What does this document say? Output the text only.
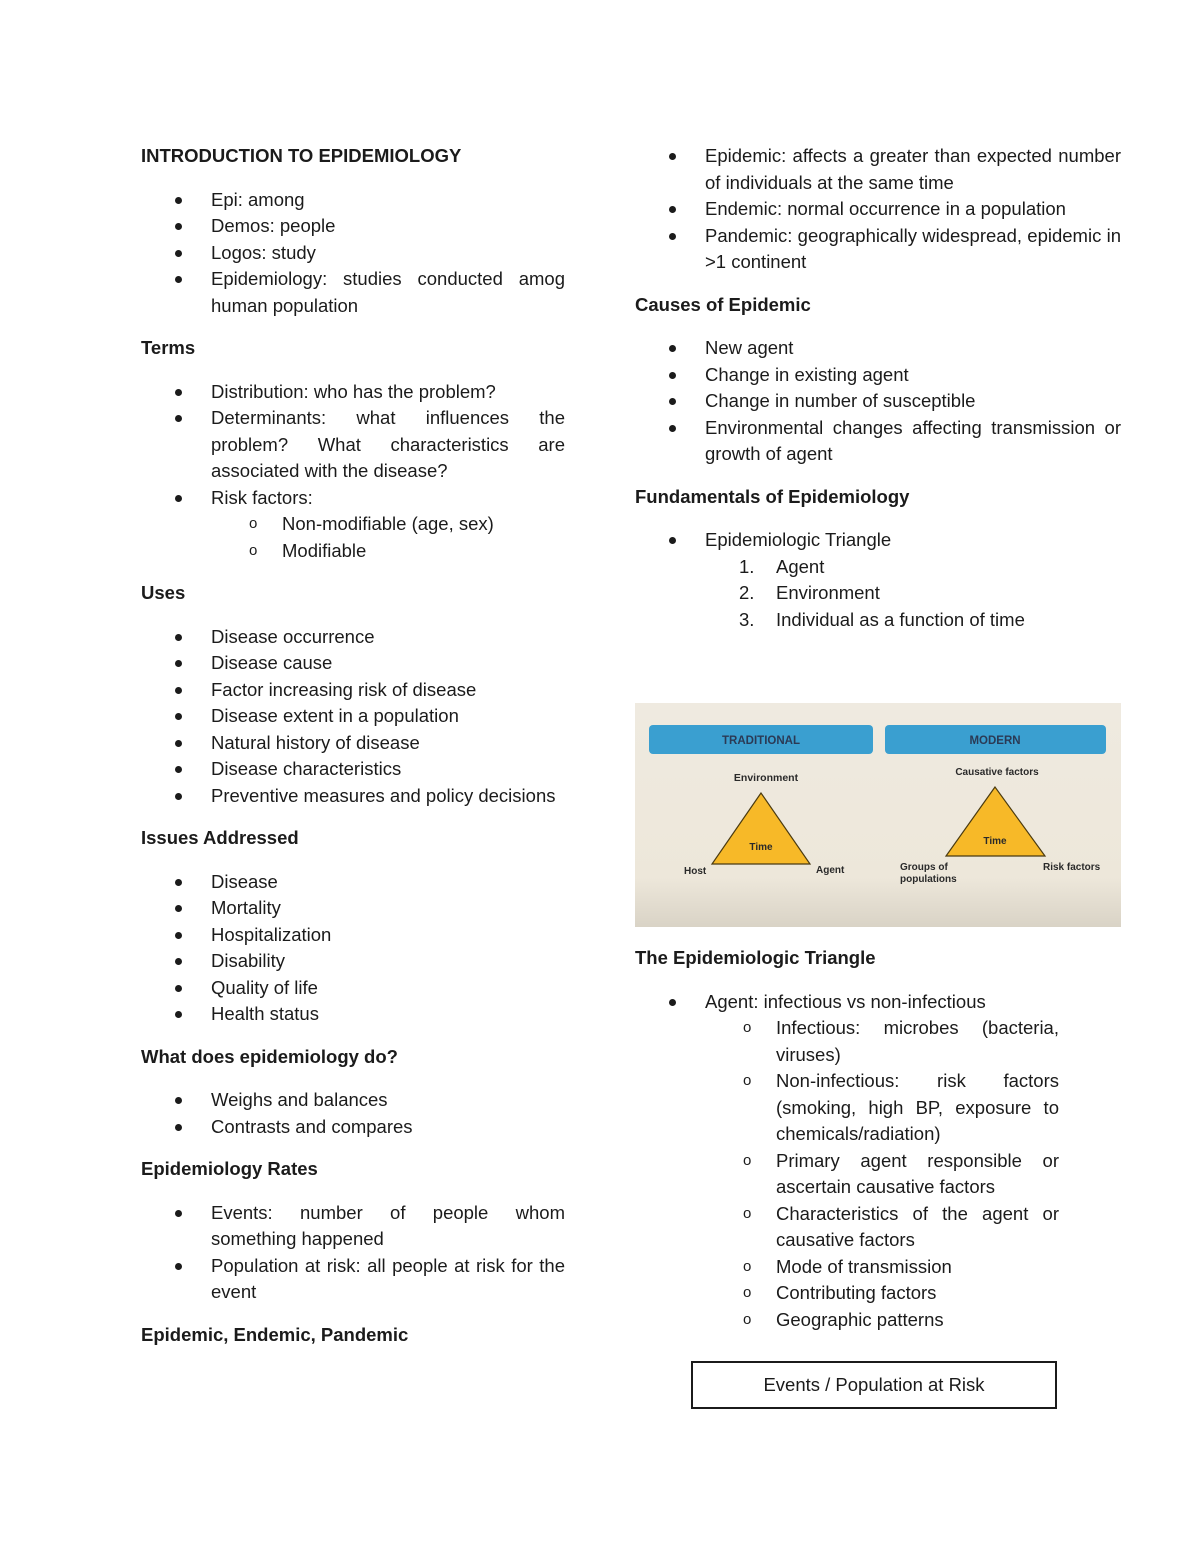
INTRODUCTION TO EPIDEMIOLOGY
Epi: among
Demos: people
Logos: study
Epidemiology: studies conducted amog human population
Terms
Distribution: who has the problem?
Determinants: what influences the problem? What characteristics are associated with the disease?
Risk factors:
o Non-modifiable (age, sex)
o Modifiable
Uses
Disease occurrence
Disease cause
Factor increasing risk of disease
Disease extent in a population
Natural history of disease
Disease characteristics
Preventive measures and policy decisions
Issues Addressed
Disease
Mortality
Hospitalization
Disability
Quality of life
Health status
What does epidemiology do?
Weighs and balances
Contrasts and compares
Epidemiology Rates
Events: number of people whom something happened
Population at risk: all people at risk for the event
Epidemic, Endemic, Pandemic
Epidemic: affects a greater than expected number of individuals at the same time
Endemic: normal occurrence in a population
Pandemic: geographically widespread, epidemic in >1 continent
Causes of Epidemic
New agent
Change in existing agent
Change in number of susceptible
Environmental changes affecting transmission or growth of agent
Fundamentals of Epidemiology
Epidemiologic Triangle
1. Agent
2. Environment
3. Individual as a function of time
TRADITIONAL	MODERN
Environment
Time
Host	Agent
Causative factors
Time
Groups of
populations
Risk factors
The Epidemiologic Triangle
Agent: infectious vs non-infectious
o Infectious: microbes (bacteria, viruses)
o Non-infectious: risk factors (smoking, high BP, exposure to chemicals/radiation)
o Primary agent responsible or ascertain causative factors
o Characteristics of the agent or causative factors
o Mode of transmission
o Contributing factors
o Geographic patterns
Events / Population at Risk
